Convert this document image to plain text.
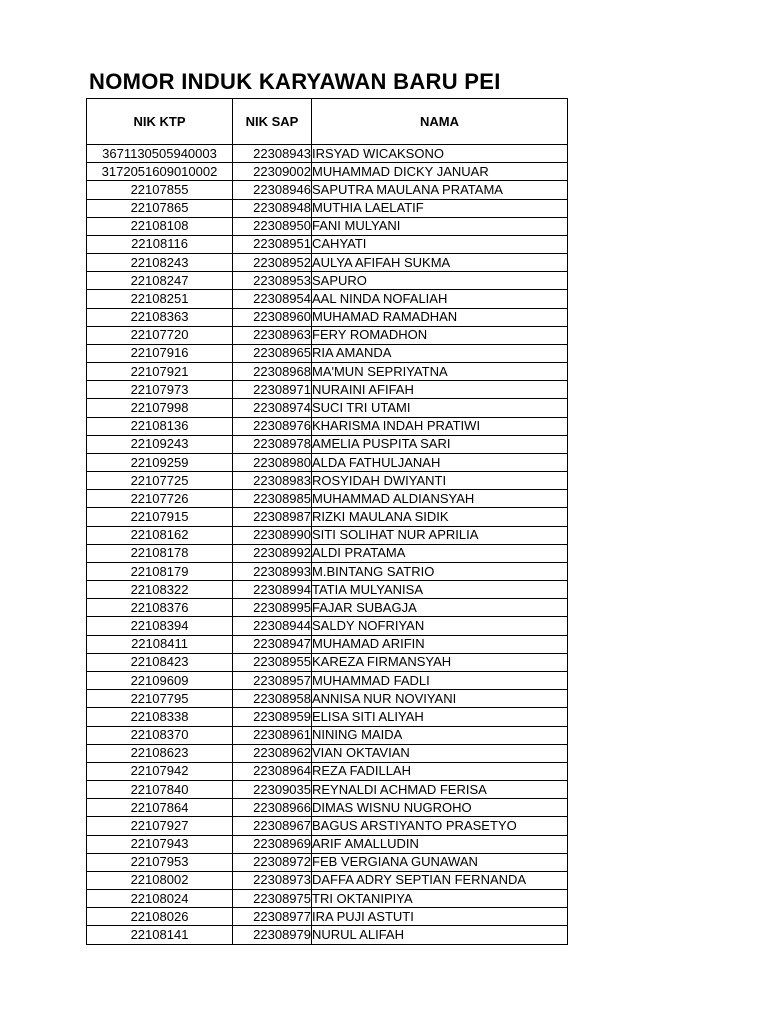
NOMOR INDUK KARYAWAN BARU PEI
NIK KTP	NIK SAP	NAMA
3671130505940003	22308943	IRSYAD WICAKSONO
3172051609010002	22309002	MUHAMMAD DICKY JANUAR
22107855	22308946	SAPUTRA MAULANA PRATAMA
22107865	22308948	MUTHIA LAELATIF
22108108	22308950	FANI MULYANI
22108116	22308951	CAHYATI
22108243	22308952	AULYA AFIFAH SUKMA
22108247	22308953	SAPURO
22108251	22308954	AAL NINDA NOFALIAH
22108363	22308960	MUHAMAD RAMADHAN
22107720	22308963	FERY ROMADHON
22107916	22308965	RIA AMANDA
22107921	22308968	MA'MUN SEPRIYATNA
22107973	22308971	NURAINI AFIFAH
22107998	22308974	SUCI TRI UTAMI
22108136	22308976	KHARISMA INDAH PRATIWI
22109243	22308978	AMELIA PUSPITA SARI
22109259	22308980	ALDA FATHULJANAH
22107725	22308983	ROSYIDAH DWIYANTI
22107726	22308985	MUHAMMAD ALDIANSYAH
22107915	22308987	RIZKI MAULANA SIDIK
22108162	22308990	SITI SOLIHAT NUR APRILIA
22108178	22308992	ALDI PRATAMA
22108179	22308993	M.BINTANG SATRIO
22108322	22308994	TATIA MULYANISA
22108376	22308995	FAJAR SUBAGJA
22108394	22308944	SALDY NOFRIYAN
22108411	22308947	MUHAMAD ARIFIN
22108423	22308955	KAREZA FIRMANSYAH
22109609	22308957	MUHAMMAD FADLI
22107795	22308958	ANNISA NUR NOVIYANI
22108338	22308959	ELISA SITI ALIYAH
22108370	22308961	NINING MAIDA
22108623	22308962	VIAN OKTAVIAN
22107942	22308964	REZA FADILLAH
22107840	22309035	REYNALDI ACHMAD FERISA
22107864	22308966	DIMAS WISNU NUGROHO
22107927	22308967	BAGUS ARSTIYANTO PRASETYO
22107943	22308969	ARIF AMALLUDIN
22107953	22308972	FEB VERGIANA GUNAWAN
22108002	22308973	DAFFA ADRY SEPTIAN FERNANDA
22108024	22308975	TRI OKTANIPIYA
22108026	22308977	IRA PUJI ASTUTI
22108141	22308979	NURUL ALIFAH
